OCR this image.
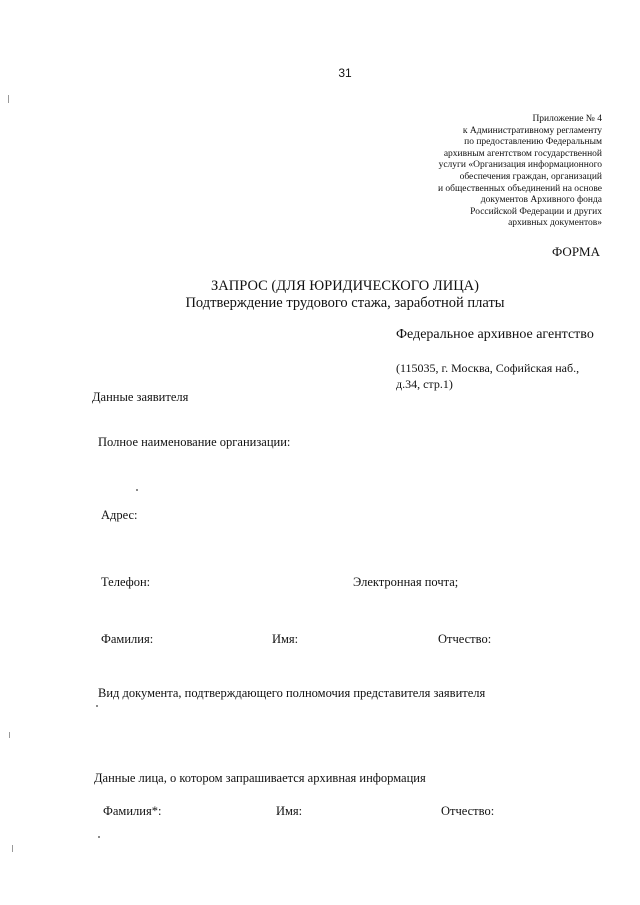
31
Приложение № 4
к Административному регламенту
по предоставлению Федеральным
архивным агентством государственной
услуги «Организация информационного
обеспечения граждан, организаций
и общественных объединений на основе
документов Архивного фонда
Российской Федерации и других
архивных документов»
ФОРМА
ЗАПРОС (ДЛЯ ЮРИДИЧЕСКОГО ЛИЦА)
Подтверждение трудового стажа, заработной платы
Федеральное архивное агентство
(115035, г. Москва, Софийская наб., д.34, стр.1)
Данные заявителя
Полное наименование организации:
Адрес:
Телефон:	Электронная почта;
Фамилия:	Имя:	Отчество:
Вид документа, подтверждающего полномочия представителя заявителя
Данные лица, о котором запрашивается архивная информация
Фамилия*:	Имя:	Отчество:
